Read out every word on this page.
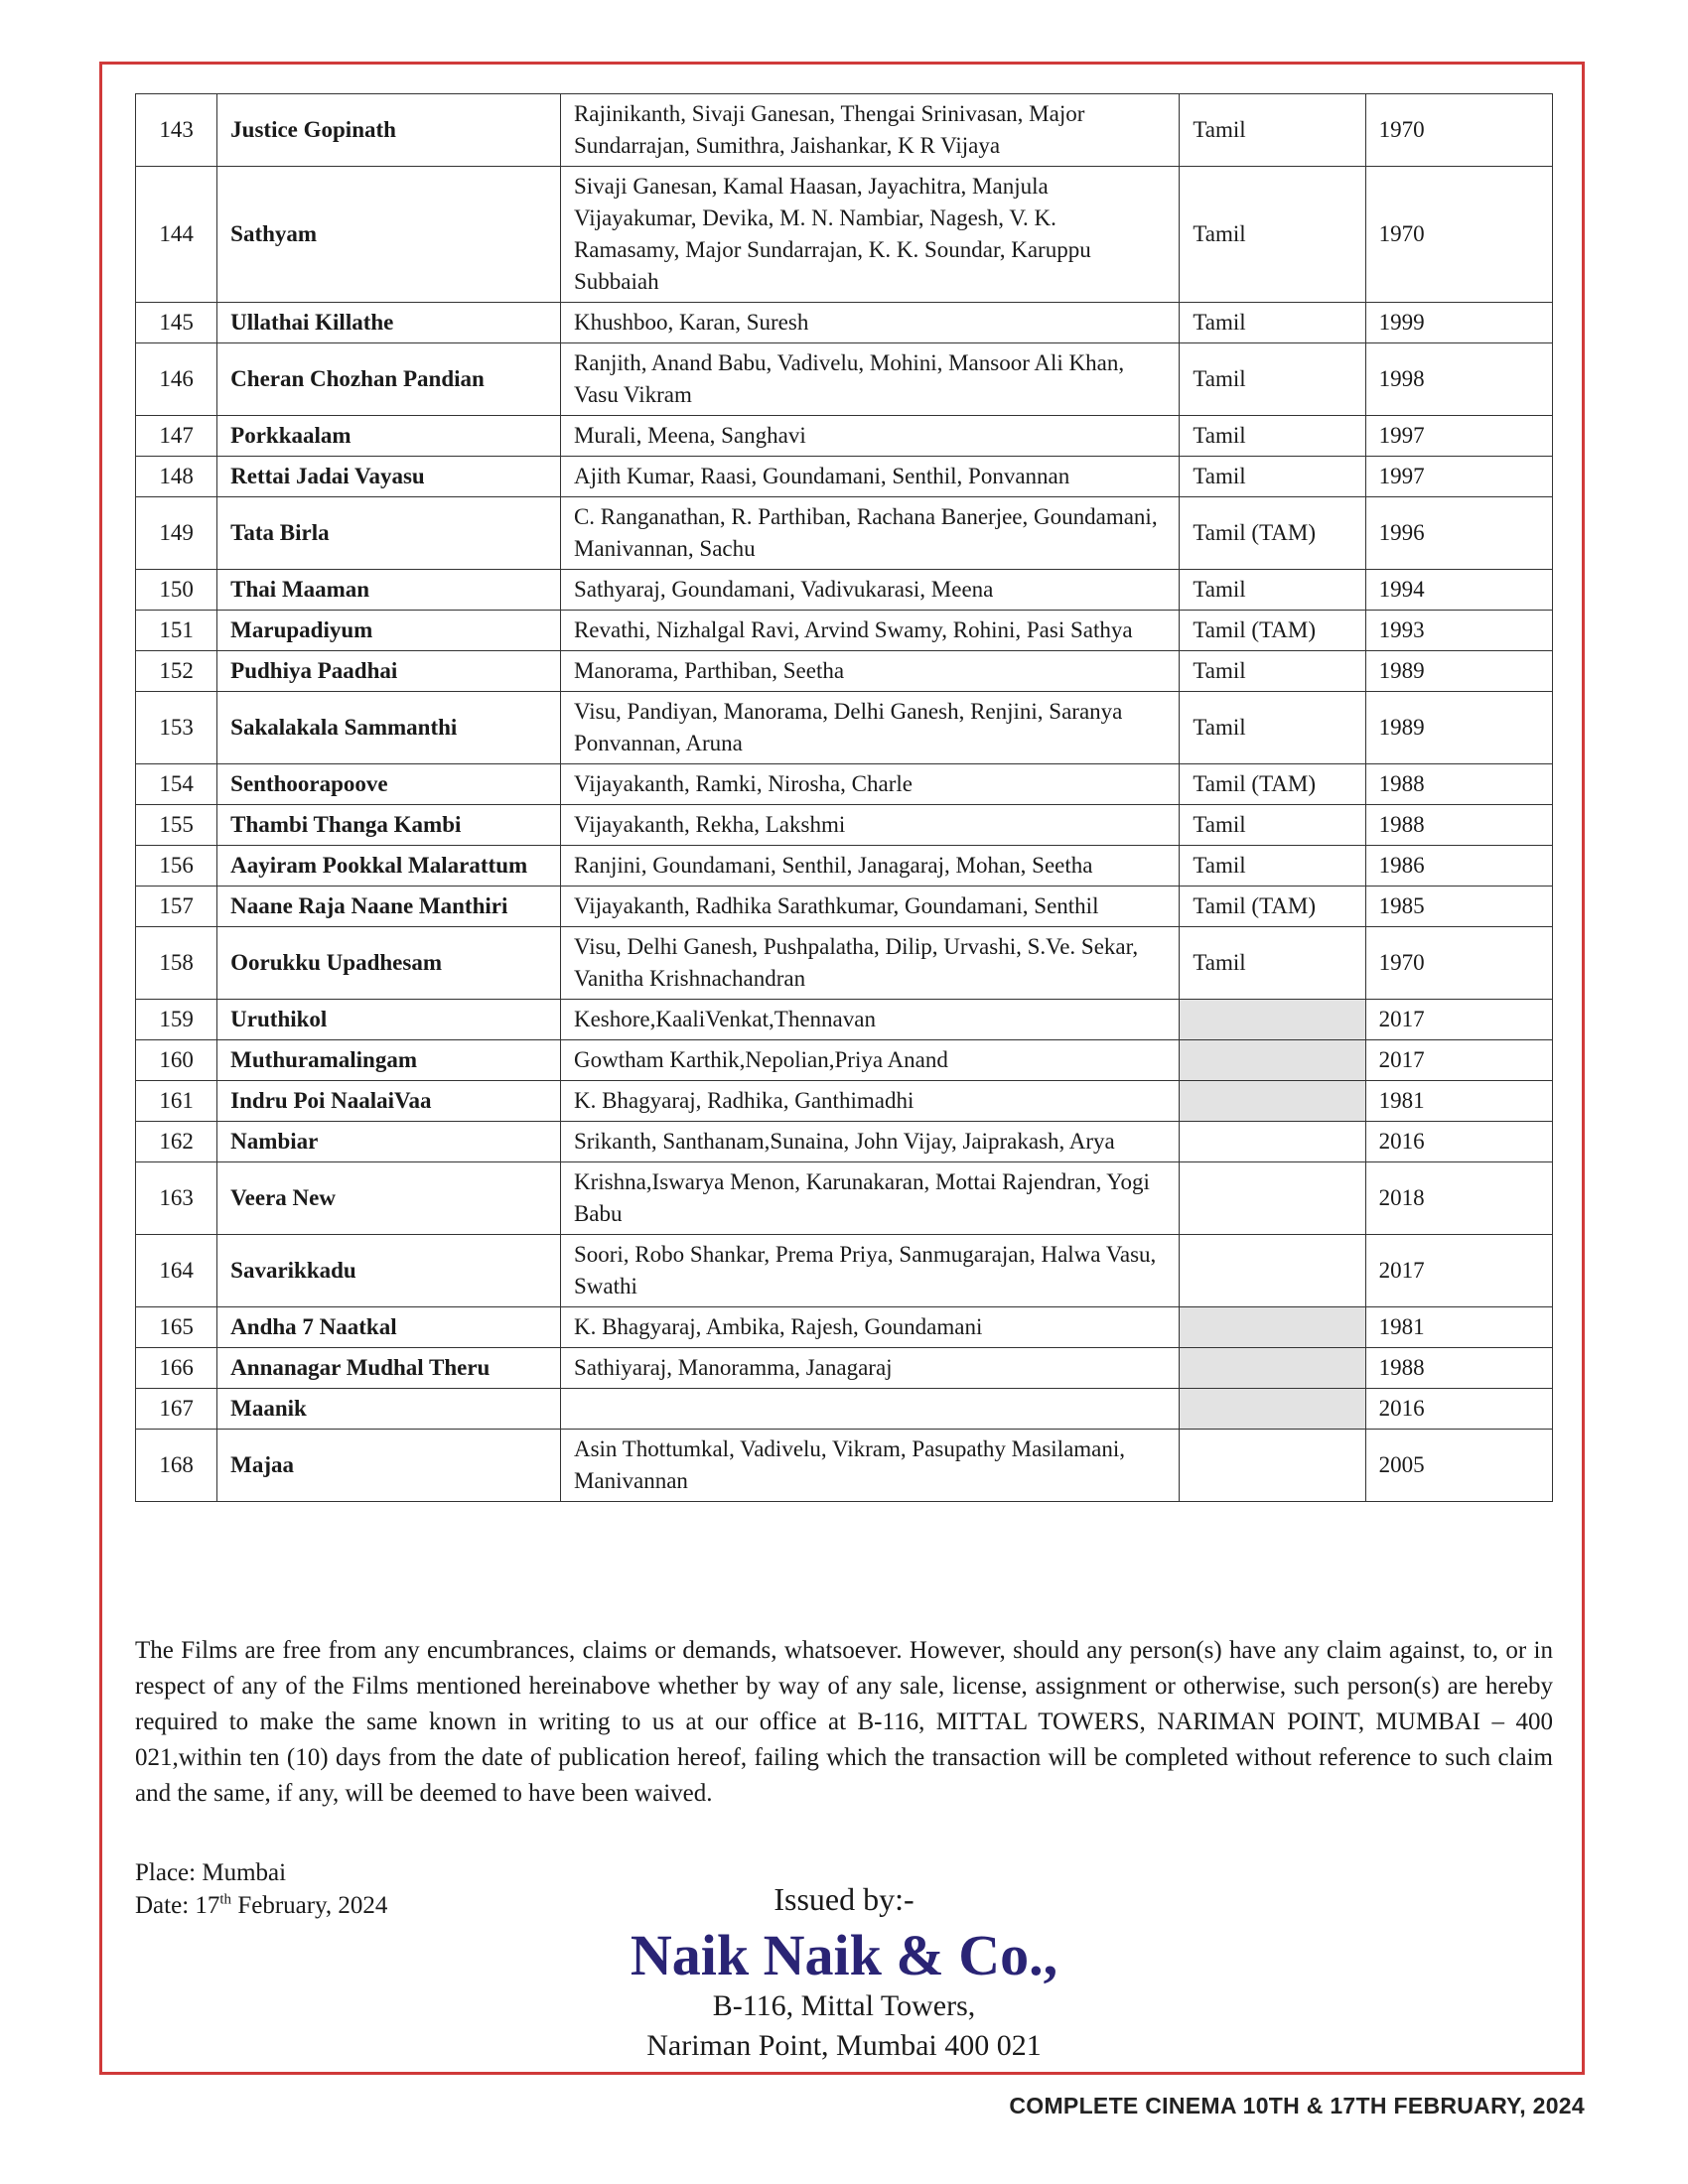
143	Justice Gopinath	Rajinikanth, Sivaji Ganesan, Thengai Srinivasan, Major Sundarrajan, Sumithra, Jaishankar, K R Vijaya	Tamil	1970
144	Sathyam	Sivaji Ganesan, Kamal Haasan, Jayachitra, Manjula Vijayakumar, Devika, M. N. Nambiar, Nagesh, V. K. Ramasamy, Major Sundarrajan, K. K. Soundar, Karuppu Subbaiah	Tamil	1970
145	Ullathai Killathe	Khushboo, Karan, Suresh	Tamil	1999
146	Cheran Chozhan Pandian	Ranjith, Anand Babu, Vadivelu, Mohini, Mansoor Ali Khan, Vasu Vikram	Tamil	1998
147	Porkkaalam	Murali, Meena, Sanghavi	Tamil	1997
148	Rettai Jadai Vayasu	Ajith Kumar, Raasi, Goundamani, Senthil, Ponvannan	Tamil	1997
149	Tata Birla	C. Ranganathan, R. Parthiban, Rachana Banerjee, Goundamani, Manivannan, Sachu	Tamil (TAM)	1996
150	Thai Maaman	Sathyaraj, Goundamani, Vadivukarasi, Meena	Tamil	1994
151	Marupadiyum	Revathi, Nizhalgal Ravi, Arvind Swamy, Rohini, Pasi Sathya	Tamil (TAM)	1993
152	Pudhiya Paadhai	Manorama, Parthiban, Seetha	Tamil	1989
153	Sakalakala Sammanthi	Visu, Pandiyan, Manorama, Delhi Ganesh, Renjini, Saranya Ponvannan, Aruna	Tamil	1989
154	Senthoorapoove	Vijayakanth, Ramki, Nirosha, Charle	Tamil (TAM)	1988
155	Thambi Thanga Kambi	Vijayakanth, Rekha, Lakshmi	Tamil	1988
156	Aayiram Pookkal Malarattum	Ranjini, Goundamani, Senthil, Janagaraj, Mohan, Seetha	Tamil	1986
157	Naane Raja Naane Manthiri	Vijayakanth, Radhika Sarathkumar, Goundamani, Senthil	Tamil (TAM)	1985
158	Oorukku Upadhesam	Visu, Delhi Ganesh, Pushpalatha, Dilip, Urvashi, S.Ve. Sekar, Vanitha Krishnachandran	Tamil	1970
159	Uruthikol	Keshore,KaaliVenkat,Thennavan		2017
160	Muthuramalingam	Gowtham Karthik,Nepolian,Priya Anand		2017
161	Indru Poi NaalaiVaa	K. Bhagyaraj, Radhika, Ganthimadhi		1981
162	Nambiar	Srikanth, Santhanam,Sunaina, John Vijay, Jaiprakash, Arya		2016
163	Veera New	Krishna,Iswarya Menon, Karunakaran, Mottai Rajendran, Yogi Babu		2018
164	Savarikkadu	Soori, Robo Shankar, Prema Priya, Sanmugarajan, Halwa Vasu, Swathi		2017
165	Andha 7 Naatkal	K. Bhagyaraj, Ambika, Rajesh, Goundamani		1981
166	Annanagar Mudhal Theru	Sathiyaraj, Manoramma, Janagaraj		1988
167	Maanik			2016
168	Majaa	Asin Thottumkal, Vadivelu, Vikram, Pasupathy Masilamani, Manivannan		2005

The Films are free from any encumbrances, claims or demands, whatsoever. However, should any person(s) have any claim against, to, or in respect of any of the Films mentioned hereinabove whether by way of any sale, license, assignment or otherwise, such person(s) are hereby required to make the same known in writing to us at our office at B-116, MITTAL TOWERS, NARIMAN POINT, MUMBAI – 400 021,within ten (10) days from the date of publication hereof, failing which the transaction will be completed without reference to such claim and the same, if any, will be deemed to have been waived.

Place: Mumbai
Date: 17th February, 2024	Issued by:-
Naik Naik & Co.,
B-116, Mittal Towers,
Nariman Point, Mumbai 400 021
COMPLETE CINEMA 10TH & 17TH FEBRUARY, 2024
